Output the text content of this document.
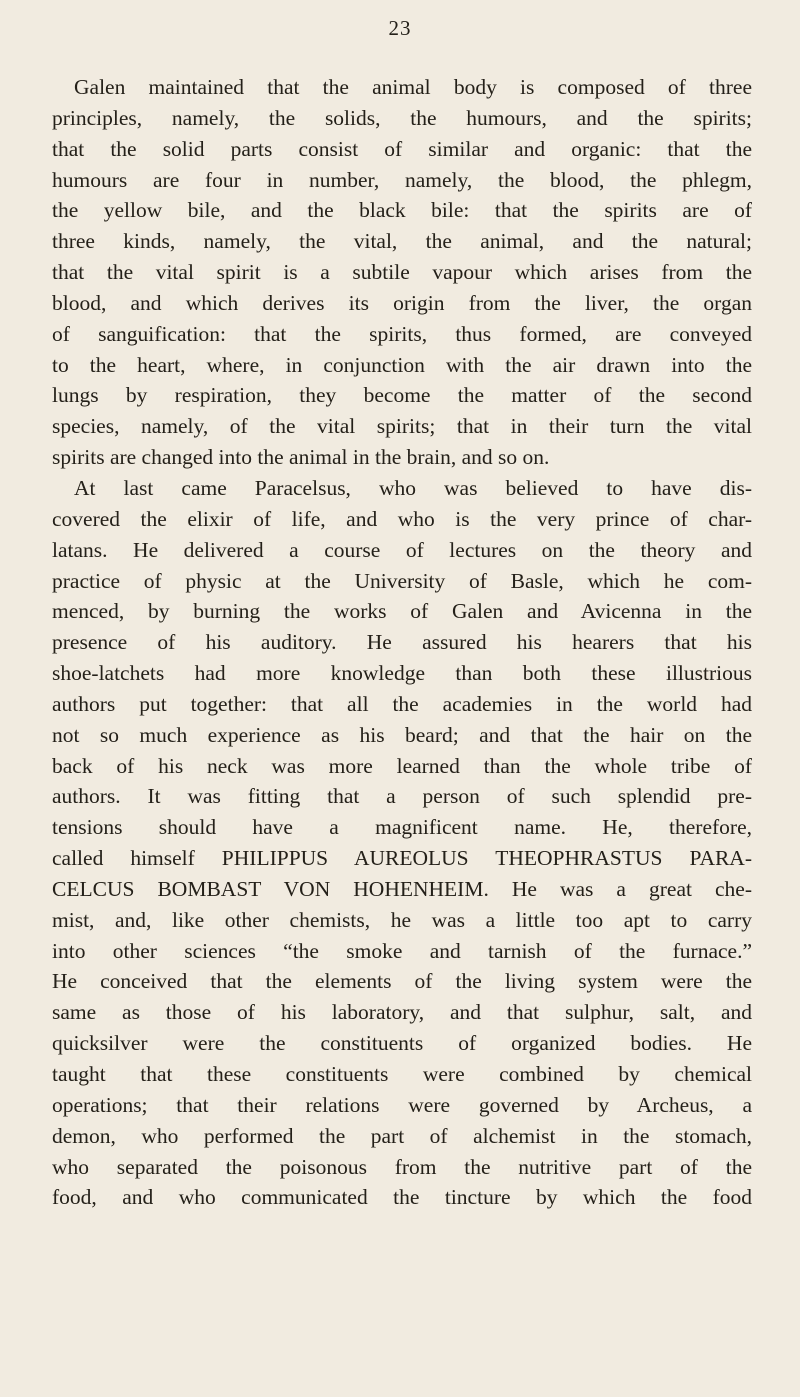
23
Galen maintained that the animal body is composed of three
principles, namely, the solids, the humours, and the spirits;
that the solid parts consist of similar and organic: that the
humours are four in number, namely, the blood, the phlegm,
the yellow bile, and the black bile: that the spirits are of
three kinds, namely, the vital, the animal, and the natural;
that the vital spirit is a subtile vapour which arises from the
blood, and which derives its origin from the liver, the organ
of sanguification: that the spirits, thus formed, are conveyed
to the heart, where, in conjunction with the air drawn into the
lungs by respiration, they become the matter of the second
species, namely, of the vital spirits; that in their turn the vital
spirits are changed into the animal in the brain, and so on.
At last came Paracelsus, who was believed to have dis-
covered the elixir of life, and who is the very prince of char-
latans. He delivered a course of lectures on the theory and
practice of physic at the University of Basle, which he com-
menced, by burning the works of Galen and Avicenna in the
presence of his auditory. He assured his hearers that his
shoe-latchets had more knowledge than both these illustrious
authors put together: that all the academies in the world had
not so much experience as his beard; and that the hair on the
back of his neck was more learned than the whole tribe of
authors. It was fitting that a person of such splendid pre-
tensions should have a magnificent name. He, therefore,
called himself PHILIPPUS AUREOLUS THEOPHRASTUS PARA-
CELCUS BOMBAST VON HOHENHEIM. He was a great che-
mist, and, like other chemists, he was a little too apt to carry
into other sciences “the smoke and tarnish of the furnace.”
He conceived that the elements of the living system were the
same as those of his laboratory, and that sulphur, salt, and
quicksilver were the constituents of organized bodies. He
taught that these constituents were combined by chemical
operations; that their relations were governed by Archeus, a
demon, who performed the part of alchemist in the stomach,
who separated the poisonous from the nutritive part of the
food, and who communicated the tincture by which the food
